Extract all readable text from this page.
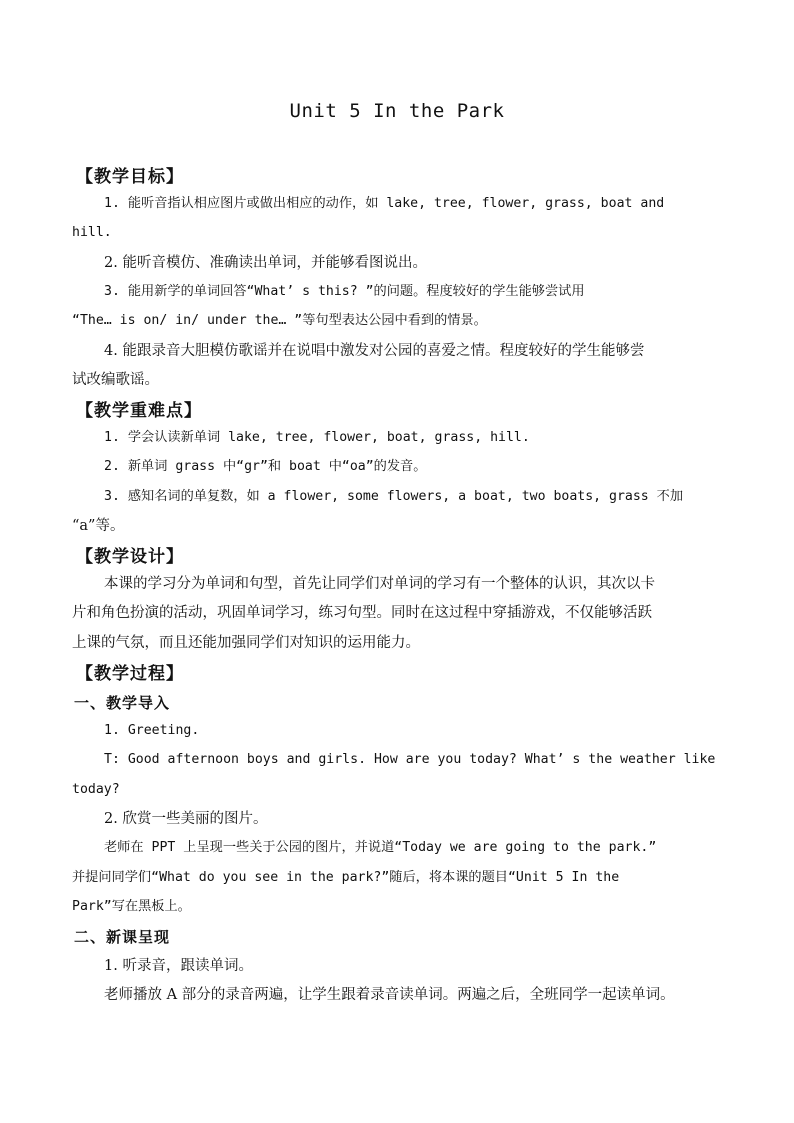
Unit 5 In the Park
【教学目标】
1. 能听音指认相应图片或做出相应的动作，如 lake, tree, flower, grass, boat and
hill.
2. 能听音模仿、准确读出单词，并能够看图说出。
3. 能用新学的单词回答“What’ s this? ”的问题。程度较好的学生能够尝试用
“The… is on/ in/ under the… ”等句型表达公园中看到的情景。
4. 能跟录音大胆模仿歌谣并在说唱中激发对公园的喜爱之情。程度较好的学生能够尝
试改编歌谣。
【教学重难点】
1. 学会认读新单词 lake, tree, flower, boat, grass, hill.
2. 新单词 grass 中“gr”和 boat 中“oa”的发音。
3. 感知名词的单复数，如 a flower, some flowers, a boat, two boats, grass 不加
“a”等。
【教学设计】
本课的学习分为单词和句型，首先让同学们对单词的学习有一个整体的认识，其次以卡
片和角色扮演的活动，巩固单词学习，练习句型。同时在这过程中穿插游戏，不仅能够活跃
上课的气氛，而且还能加强同学们对知识的运用能力。
【教学过程】
一、教学导入
1. Greeting.
T: Good afternoon boys and girls. How are you today? What’ s the weather like
today?
2. 欣赏一些美丽的图片。
老师在 PPT 上呈现一些关于公园的图片，并说道“Today we are going to the park.”
并提问同学们“What do you see in the park?”随后，将本课的题目“Unit 5 In the
Park”写在黑板上。
二、新课呈现
1. 听录音，跟读单词。
老师播放 A 部分的录音两遍，让学生跟着录音读单词。两遍之后，全班同学一起读单词。
